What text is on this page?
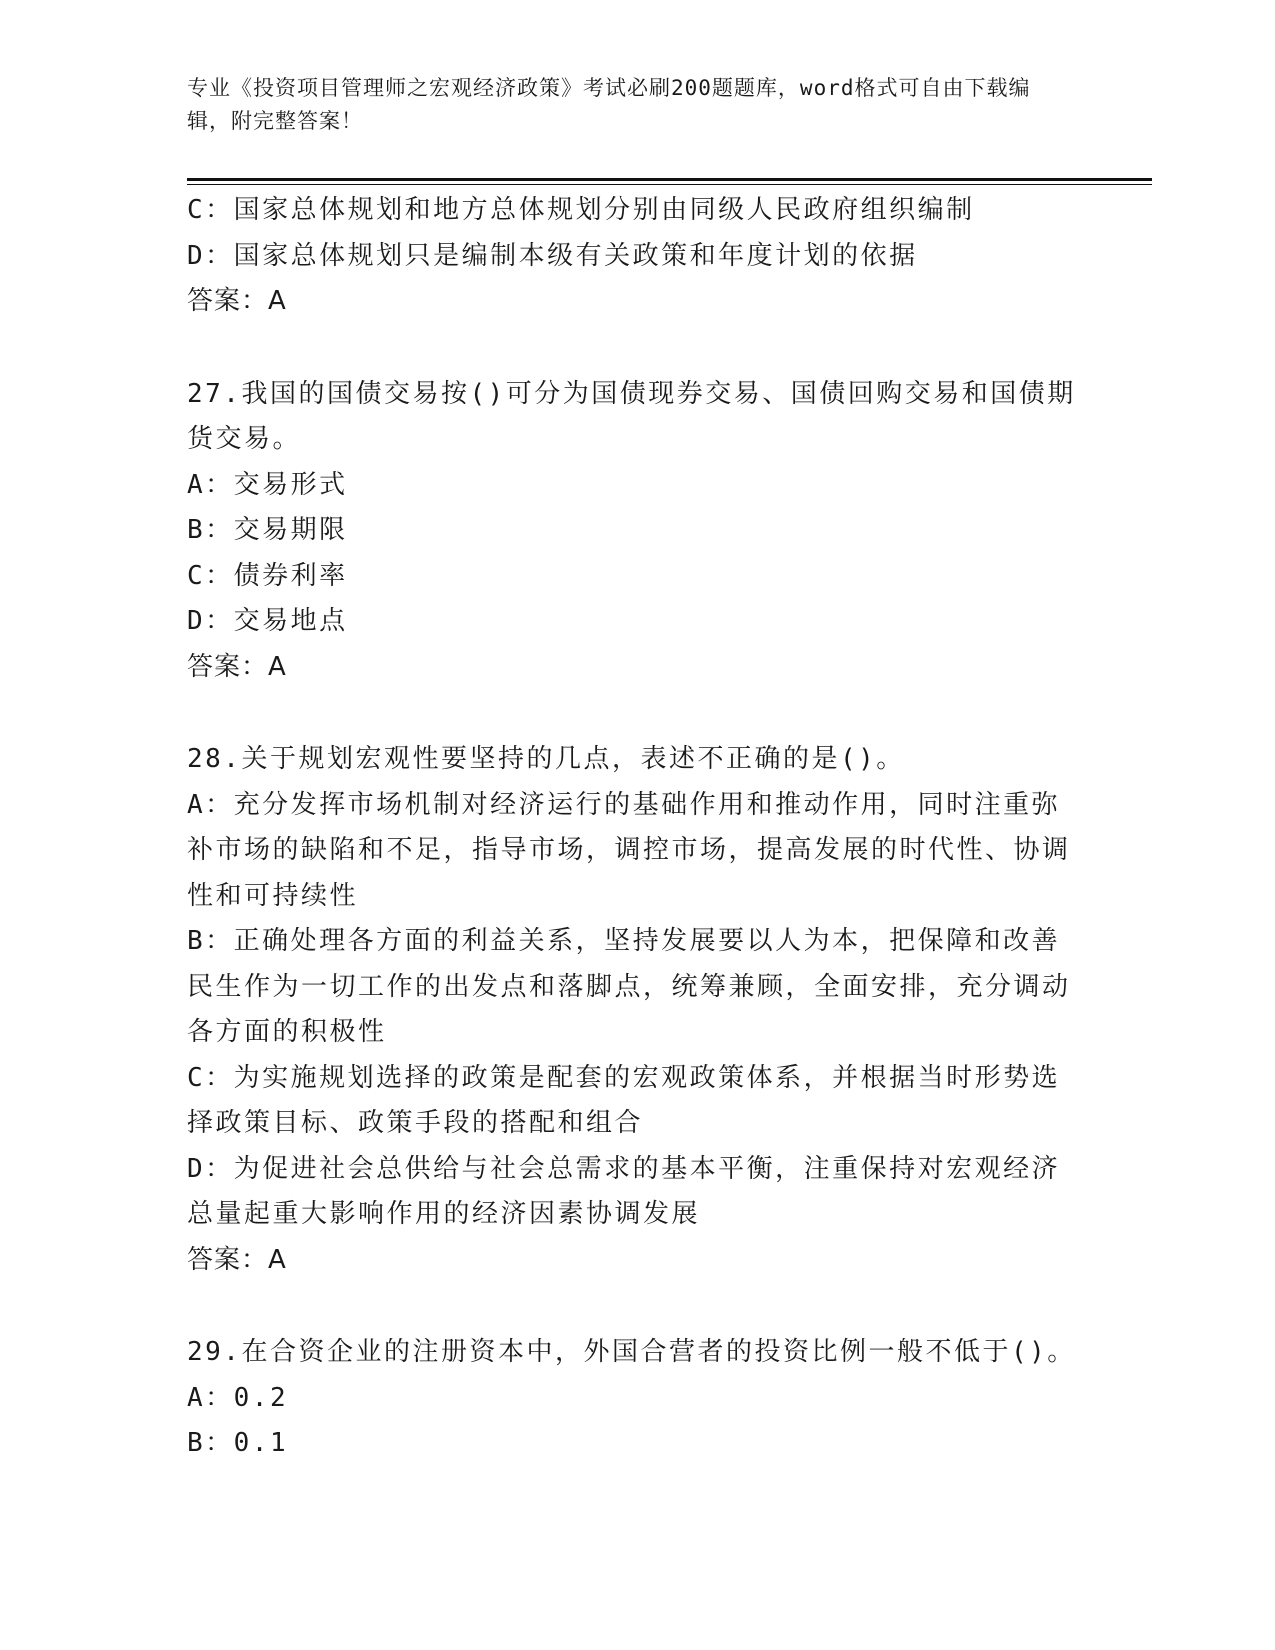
专业《投资项目管理师之宏观经济政策》考试必刷200题题库，word格式可自由下载编辑，附完整答案！
C：国家总体规划和地方总体规划分别由同级人民政府组织编制
D：国家总体规划只是编制本级有关政策和年度计划的依据
答案：A
27.我国的国债交易按()可分为国债现券交易、国债回购交易和国债期货交易。
A：交易形式
B：交易期限
C：债券利率
D：交易地点
答案：A
28.关于规划宏观性要坚持的几点，表述不正确的是()。
A：充分发挥市场机制对经济运行的基础作用和推动作用，同时注重弥补市场的缺陷和不足，指导市场，调控市场，提高发展的时代性、协调性和可持续性
B：正确处理各方面的利益关系，坚持发展要以人为本，把保障和改善民生作为一切工作的出发点和落脚点，统筹兼顾，全面安排，充分调动各方面的积极性
C：为实施规划选择的政策是配套的宏观政策体系，并根据当时形势选择政策目标、政策手段的搭配和组合
D：为促进社会总供给与社会总需求的基本平衡，注重保持对宏观经济总量起重大影响作用的经济因素协调发展
答案：A
29.在合资企业的注册资本中，外国合营者的投资比例一般不低于()。
A：0.2
B：0.1
